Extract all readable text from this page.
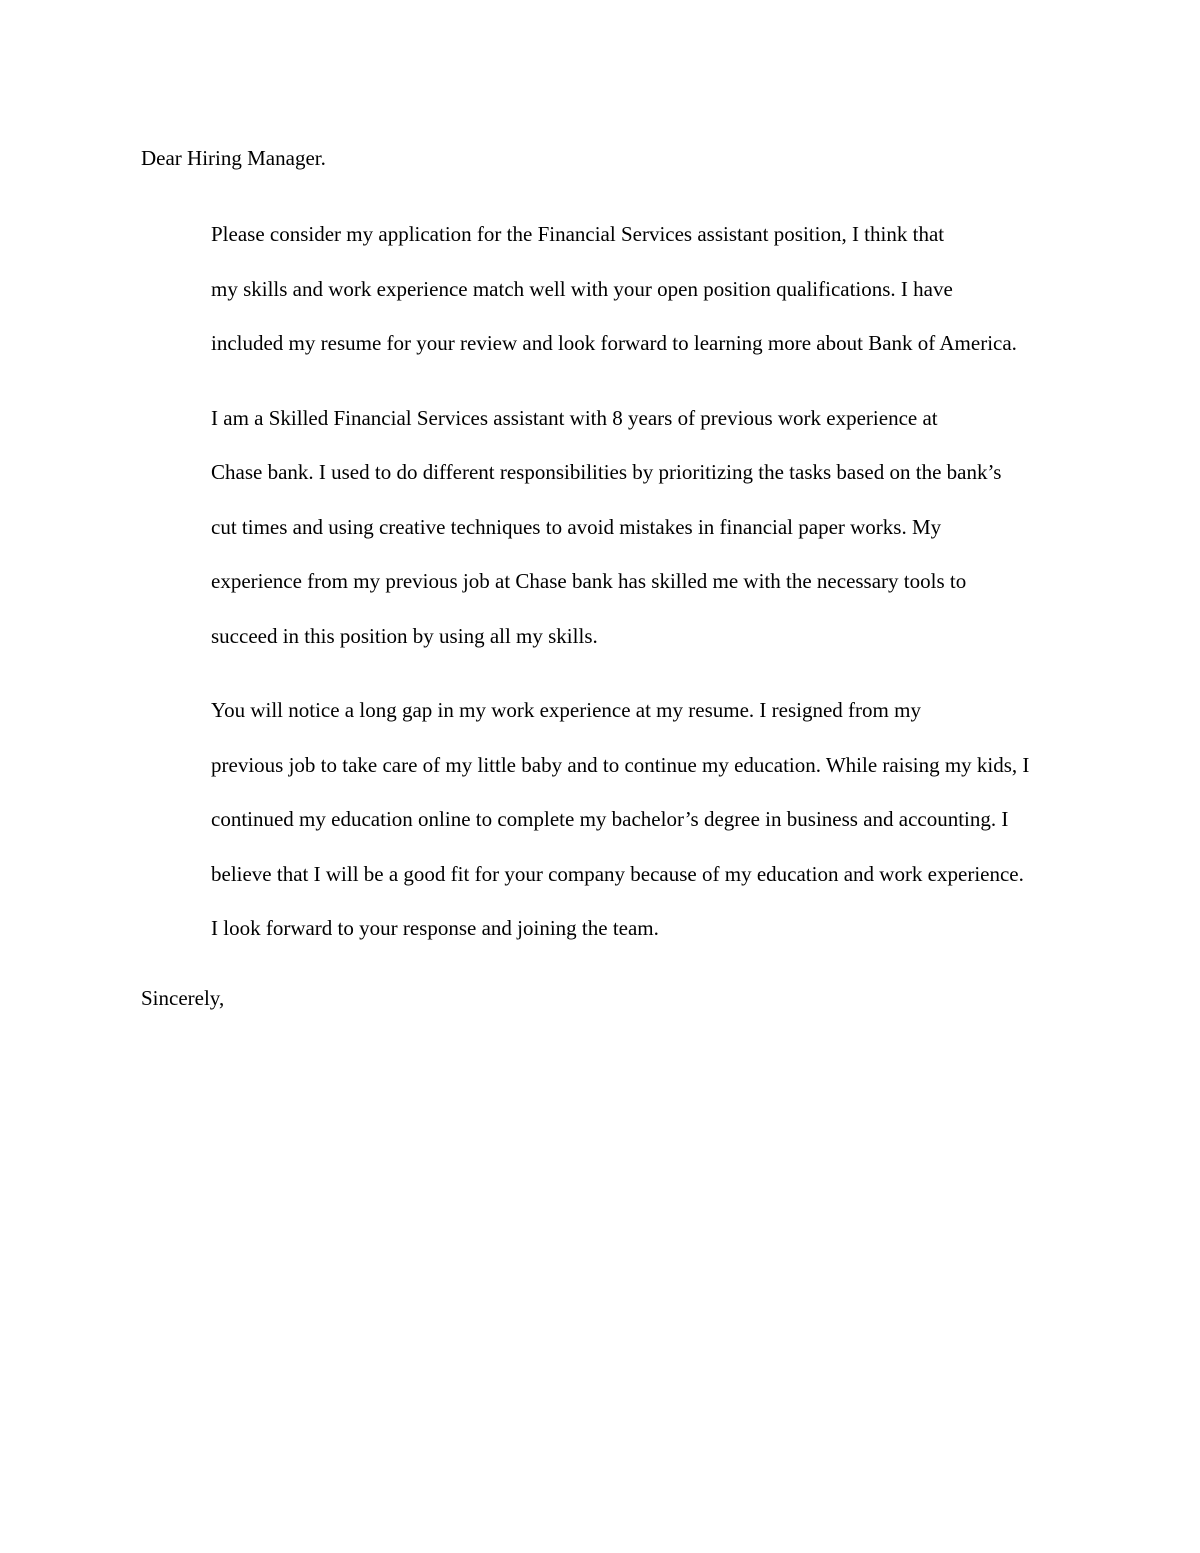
Dear Hiring Manager.

Please consider my application for the Financial Services assistant position, I think that
my skills and work experience match well with your open position qualifications. I have
included my resume for your review and look forward to learning more about Bank of America.

I am a Skilled Financial Services assistant with 8 years of previous work experience at
Chase bank. I used to do different responsibilities by prioritizing the tasks based on the bank’s
cut times and using creative techniques to avoid mistakes in financial paper works. My
experience from my previous job at Chase bank has skilled me with the necessary tools to
succeed in this position by using all my skills.

You will notice a long gap in my work experience at my resume. I resigned from my
previous job to take care of my little baby and to continue my education. While raising my kids, I
continued my education online to complete my bachelor’s degree in business and accounting. I
believe that I will be a good fit for your company because of my education and work experience.
I look forward to your response and joining the team.

Sincerely,
